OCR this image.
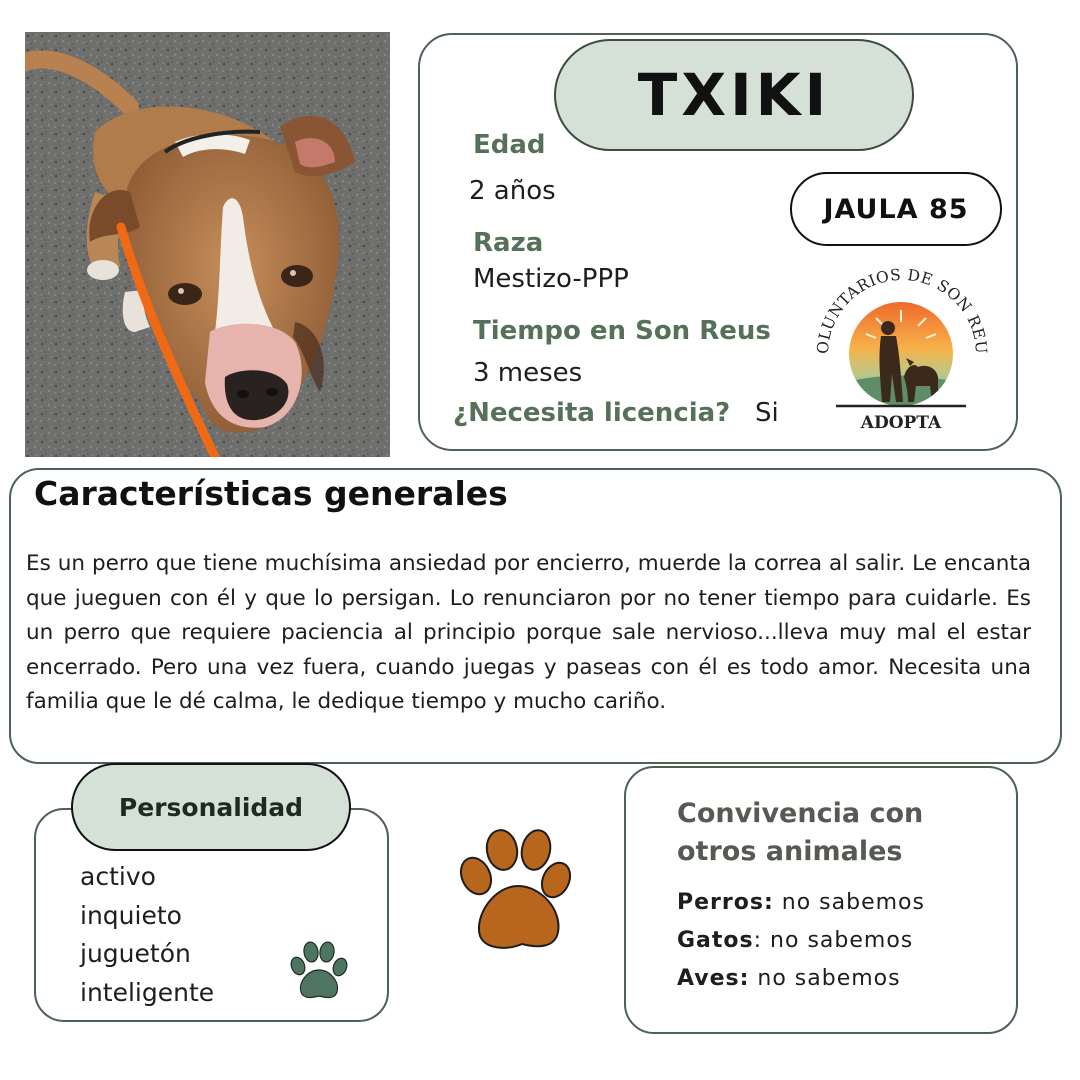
TXIKI
Edad
2 años
Raza
Mestizo-PPP
Tiempo en Son Reus
3 meses
¿Necesita licencia? Si
JAULA 85
OLUNTARIOS DE SON REU
ADOPTA
Características generales

Es un perro que tiene muchísima ansiedad por encierro, muerde la correa al salir. Le encanta que jueguen con él y que lo persigan. Lo renunciaron por no tener tiempo para cuidarle. Es un perro que requiere paciencia al principio porque sale nervioso...lleva muy mal el estar encerrado. Pero una vez fuera, cuando juegas y paseas con él es todo amor. Necesita una familia que le dé calma, le dedique tiempo y mucho cariño.

Personalidad
activo
inquieto
juguetón
inteligente
Convivencia con
otros animales
Perros: no sabemos
Gatos: no sabemos
Aves: no sabemos
